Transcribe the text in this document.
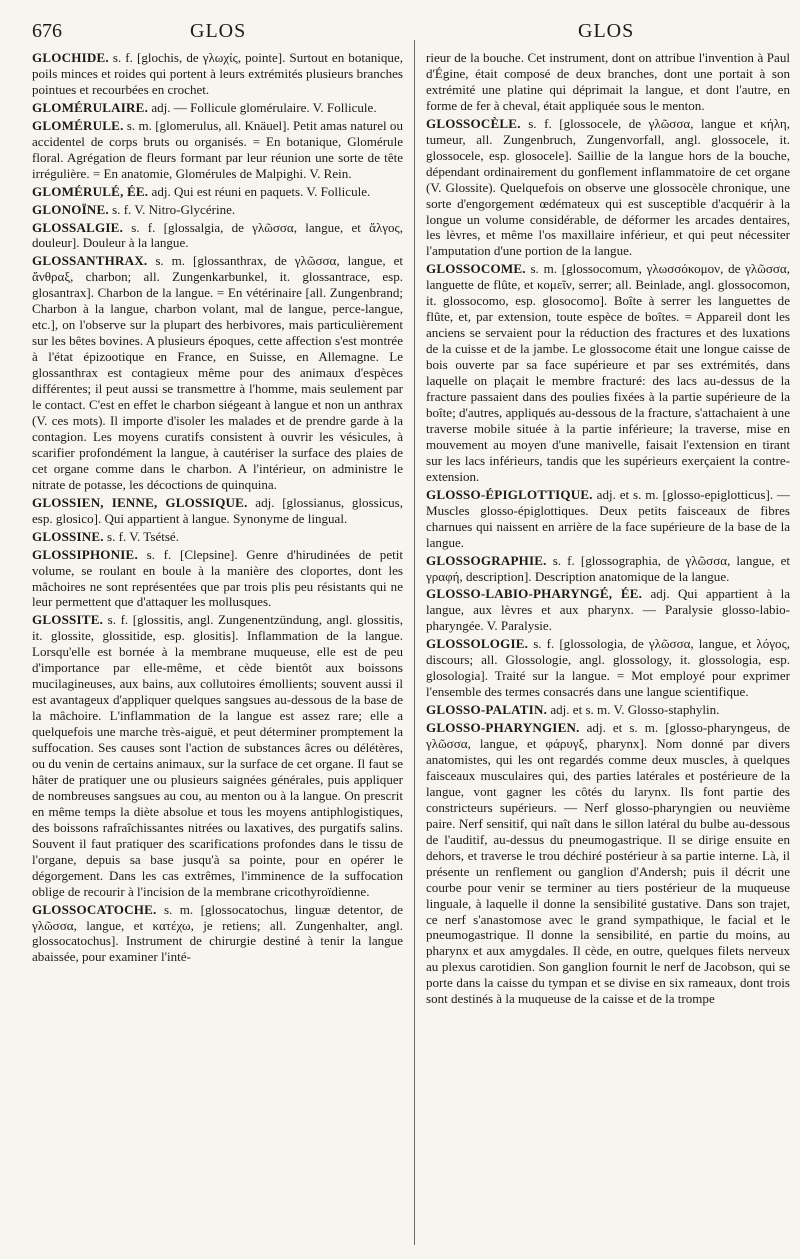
676	GLOS	GLOS

GLOCHIDE. s. f. [glochis, de γλωχίς, pointe]. Surtout en botanique, poils minces et roides qui portent à leurs extrémités plusieurs branches pointues et recourbées en crochet.

GLOMÉRULAIRE. adj. — Follicule glomérulaire. V. Follicule.

GLOMÉRULE. s. m. [glomerulus, all. Knäuel]. Petit amas naturel ou accidentel de corps bruts ou organisés. = En botanique, Glomérule floral. Agrégation de fleurs formant par leur réunion une sorte de tête irrégulière. = En anatomie, Glomérules de Malpighi. V. Rein.

GLOMÉRULÉ, ÉE. adj. Qui est réuni en paquets. V. Follicule.

GLONOÏNE. s. f. V. Nitro-Glycérine.

GLOSSALGIE. s. f. [glossalgia, de γλῶσσα, langue, et ἄλγος, douleur]. Douleur à la langue.

GLOSSANTHRAX. s. m. [glossanthrax, de γλῶσσα, langue, et ἄνθραξ, charbon; all. Zungenkarbunkel, it. glossantrace, esp. glosantrax]. Charbon de la langue. = En vétérinaire [all. Zungenbrand; Charbon à la langue, charbon volant, mal de langue, perce-langue, etc.], on l'observe sur la plupart des herbivores, mais particulièrement sur les bêtes bovines. A plusieurs époques, cette affection s'est montrée à l'état épizootique en France, en Suisse, en Allemagne. Le glossanthrax est contagieux même pour des animaux d'espèces différentes; il peut aussi se transmettre à l'homme, mais seulement par le contact. C'est en effet le charbon siégeant à langue et non un anthrax (V. ces mots). Il importe d'isoler les malades et de prendre garde à la contagion. Les moyens curatifs consistent à ouvrir les vésicules, à scarifier profondément la langue, à cautériser la surface des plaies de cet organe comme dans le charbon. A l'intérieur, on administre le nitrate de potasse, les décoctions de quinquina.

GLOSSIEN, IENNE, GLOSSIQUE. adj. [glossianus, glossicus, esp. glosico]. Qui appartient à langue. Synonyme de lingual.

GLOSSINE. s. f. V. Tsétsé.

GLOSSIPHONIE. s. f. [Clepsine]. Genre d'hirudinées de petit volume, se roulant en boule à la manière des cloportes, dont les mâchoires ne sont représentées que par trois plis peu résistants qui ne leur permettent que d'attaquer les mollusques.

GLOSSITE. s. f. [glossitis, angl. Zungenentzündung, angl. glossitis, it. glossite, glossitide, esp. glositis]. Inflammation de la langue. Lorsqu'elle est bornée à la membrane muqueuse, elle est de peu d'importance par elle-même, et cède bientôt aux boissons mucilagineuses, aux bains, aux collutoires émollients; souvent aussi il est avantageux d'appliquer quelques sangsues au-dessous de la base de la mâchoire. L'inflammation de la langue est assez rare; elle a quelquefois une marche très-aiguë, et peut déterminer promptement la suffocation. Ses causes sont l'action de substances âcres ou délétères, ou du venin de certains animaux, sur la surface de cet organe. Il faut se hâter de pratiquer une ou plusieurs saignées générales, puis appliquer de nombreuses sangsues au cou, au menton ou à la langue. On prescrit en même temps la diète absolue et tous les moyens antiphlogistiques, des boissons rafraîchissantes nitrées ou laxatives, des purgatifs salins. Souvent il faut pratiquer des scarifications profondes dans le tissu de l'organe, depuis sa base jusqu'à sa pointe, pour en opérer le dégorgement. Dans les cas extrêmes, l'imminence de la suffocation oblige de recourir à l'incision de la membrane cricothyroïdienne.

GLOSSOCATOCHE. s. m. [glossocatochus, linguæ detentor, de γλῶσσα, langue, et κατέχω, je retiens; all. Zungenhalter, angl. glossocatochus]. Instrument de chirurgie destiné à tenir la langue abaissée, pour examiner l'inté-

rieur de la bouche. Cet instrument, dont on attribue l'invention à Paul d'Égine, était composé de deux branches, dont une portait à son extrémité une platine qui déprimait la langue, et dont l'autre, en forme de fer à cheval, était appliquée sous le menton.

GLOSSOCÈLE. s. f. [glossocele, de γλῶσσα, langue et κήλη, tumeur, all. Zungenbruch, Zungenvorfall, angl. glossocele, it. glossocele, esp. glosocele]. Saillie de la langue hors de la bouche, dépendant ordinairement du gonflement inflammatoire de cet organe (V. Glossite). Quelquefois on observe une glossocèle chronique, une sorte d'engorgement œdémateux qui est susceptible d'acquérir à la longue un volume considérable, de déformer les arcades dentaires, les lèvres, et même l'os maxillaire inférieur, et qui peut nécessiter l'amputation d'une portion de la langue.

GLOSSOCOME. s. m. [glossocomum, γλωσσόκομον, de γλῶσσα, languette de flûte, et κομεῖν, serrer; all. Beinlade, angl. glossocomon, it. glossocomo, esp. glosocomo]. Boîte à serrer les languettes de flûte, et, par extension, toute espèce de boîtes. = Appareil dont les anciens se servaient pour la réduction des fractures et des luxations de la cuisse et de la jambe. Le glossocome était une longue caisse de bois ouverte par sa face supérieure et par ses extrémités, dans laquelle on plaçait le membre fracturé: des lacs au-dessus de la fracture passaient dans des poulies fixées à la partie supérieure de la boîte; d'autres, appliqués au-dessous de la fracture, s'attachaient à une traverse mobile située à la partie inférieure; la traverse, mise en mouvement au moyen d'une manivelle, faisait l'extension en tirant sur les lacs inférieurs, tandis que les supérieurs exerçaient la contre-extension.

GLOSSO-ÉPIGLOTTIQUE. adj. et s. m. [glosso-epiglotticus]. — Muscles glosso-épiglottiques. Deux petits faisceaux de fibres charnues qui naissent en arrière de la face supérieure de la base de la langue.

GLOSSOGRAPHIE. s. f. [glossographia, de γλῶσσα, langue, et γραφή, description]. Description anatomique de la langue.

GLOSSO-LABIO-PHARYNGÉ, ÉE. adj. Qui appartient à la langue, aux lèvres et aux pharynx. — Paralysie glosso-labio-pharyngée. V. Paralysie.

GLOSSOLOGIE. s. f. [glossologia, de γλῶσσα, langue, et λόγος, discours; all. Glossologie, angl. glossology, it. glossologia, esp. glosologia]. Traité sur la langue. = Mot employé pour exprimer l'ensemble des termes consacrés dans une langue scientifique.

GLOSSO-PALATIN. adj. et s. m. V. Glosso-staphylin.

GLOSSO-PHARYNGIEN. adj. et s. m. [glosso-pharyngeus, de γλῶσσα, langue, et φάρυγξ, pharynx]. Nom donné par divers anatomistes, qui les ont regardés comme deux muscles, à quelques faisceaux musculaires qui, des parties latérales et postérieure de la langue, vont gagner les côtés du larynx. Ils font partie des constricteurs supérieurs. — Nerf glosso-pharyngien ou neuvième paire. Nerf sensitif, qui naît dans le sillon latéral du bulbe au-dessous de l'auditif, au-dessus du pneumogastrique. Il se dirige ensuite en dehors, et traverse le trou déchiré postérieur à sa partie interne. Là, il présente un renflement ou ganglion d'Andersh; puis il décrit une courbe pour venir se terminer au tiers postérieur de la muqueuse linguale, à laquelle il donne la sensibilité gustative. Dans son trajet, ce nerf s'anastomose avec le grand sympathique, le facial et le pneumogastrique. Il donne la sensibilité, en partie du moins, au pharynx et aux amygdales. Il cède, en outre, quelques filets nerveux au plexus carotidien. Son ganglion fournit le nerf de Jacobson, qui se porte dans la caisse du tympan et se divise en six rameaux, dont trois sont destinés à la muqueuse de la caisse et de la trompe
